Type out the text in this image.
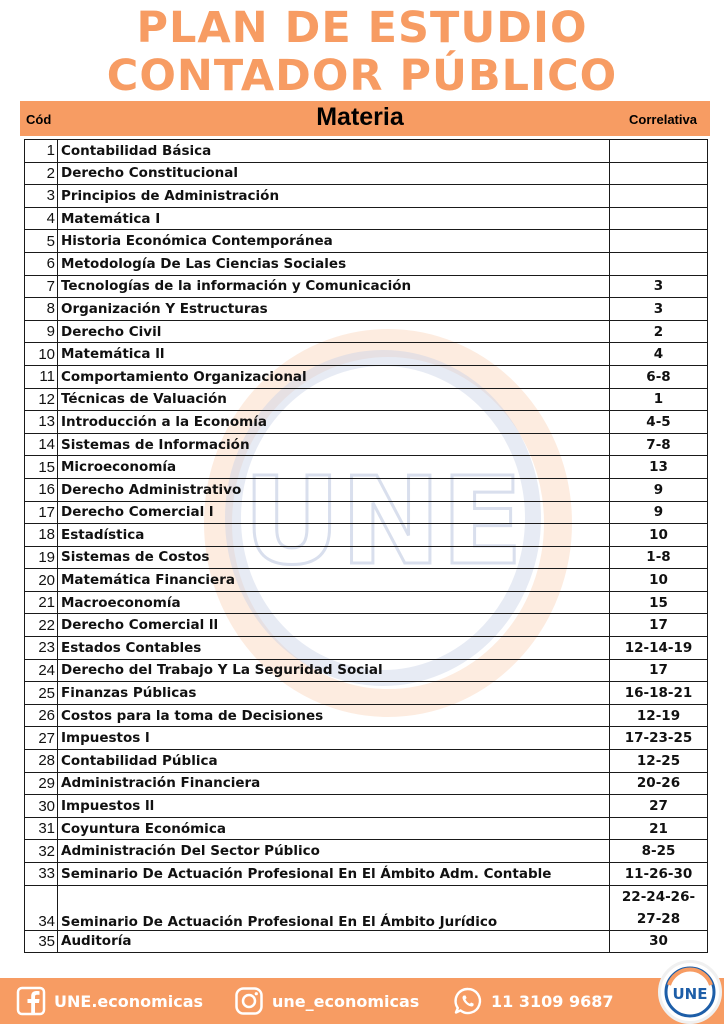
PLAN DE ESTUDIO
CONTADOR PÚBLICO
UNE
Cód	Materia	Correlativa
1	Contabilidad Básica	
2	Derecho Constitucional	
3	Principios de Administración	
4	Matemática I	
5	Historia Económica Contemporánea	
6	Metodología De Las Ciencias Sociales	
7	Tecnologías de la información y Comunicación	3
8	Organización Y Estructuras	3
9	Derecho Civil	2
10	Matemática ll	4
11	Comportamiento Organizacional	6-8
12	Técnicas de Valuación	1
13	Introducción a la Economía	4-5
14	Sistemas de Información	7-8
15	Microeconomía	13
16	Derecho Administrativo	9
17	Derecho Comercial l	9
18	Estadística	10
19	Sistemas de Costos	1-8
20	Matemática Financiera	10
21	Macroeconomía	15
22	Derecho Comercial ll	17
23	Estados Contables	12-14-19
24	Derecho del Trabajo Y La Seguridad Social	17
25	Finanzas Públicas	16-18-21
26	Costos para la toma de Decisiones	12-19
27	Impuestos l	17-23-25
28	Contabilidad Pública	12-25
29	Administración Financiera	20-26
30	Impuestos ll	27
31	Coyuntura Económica	21
32	Administración Del Sector Público	8-25
33	Seminario De Actuación Profesional En El Ámbito Adm. Contable	11-26-30
34	Seminario De Actuación Profesional En El Ámbito Jurídico	22-24-26-27-28
35	Auditoría	30
UNE.economicas	une_economicas	11 3109 9687	UNE
